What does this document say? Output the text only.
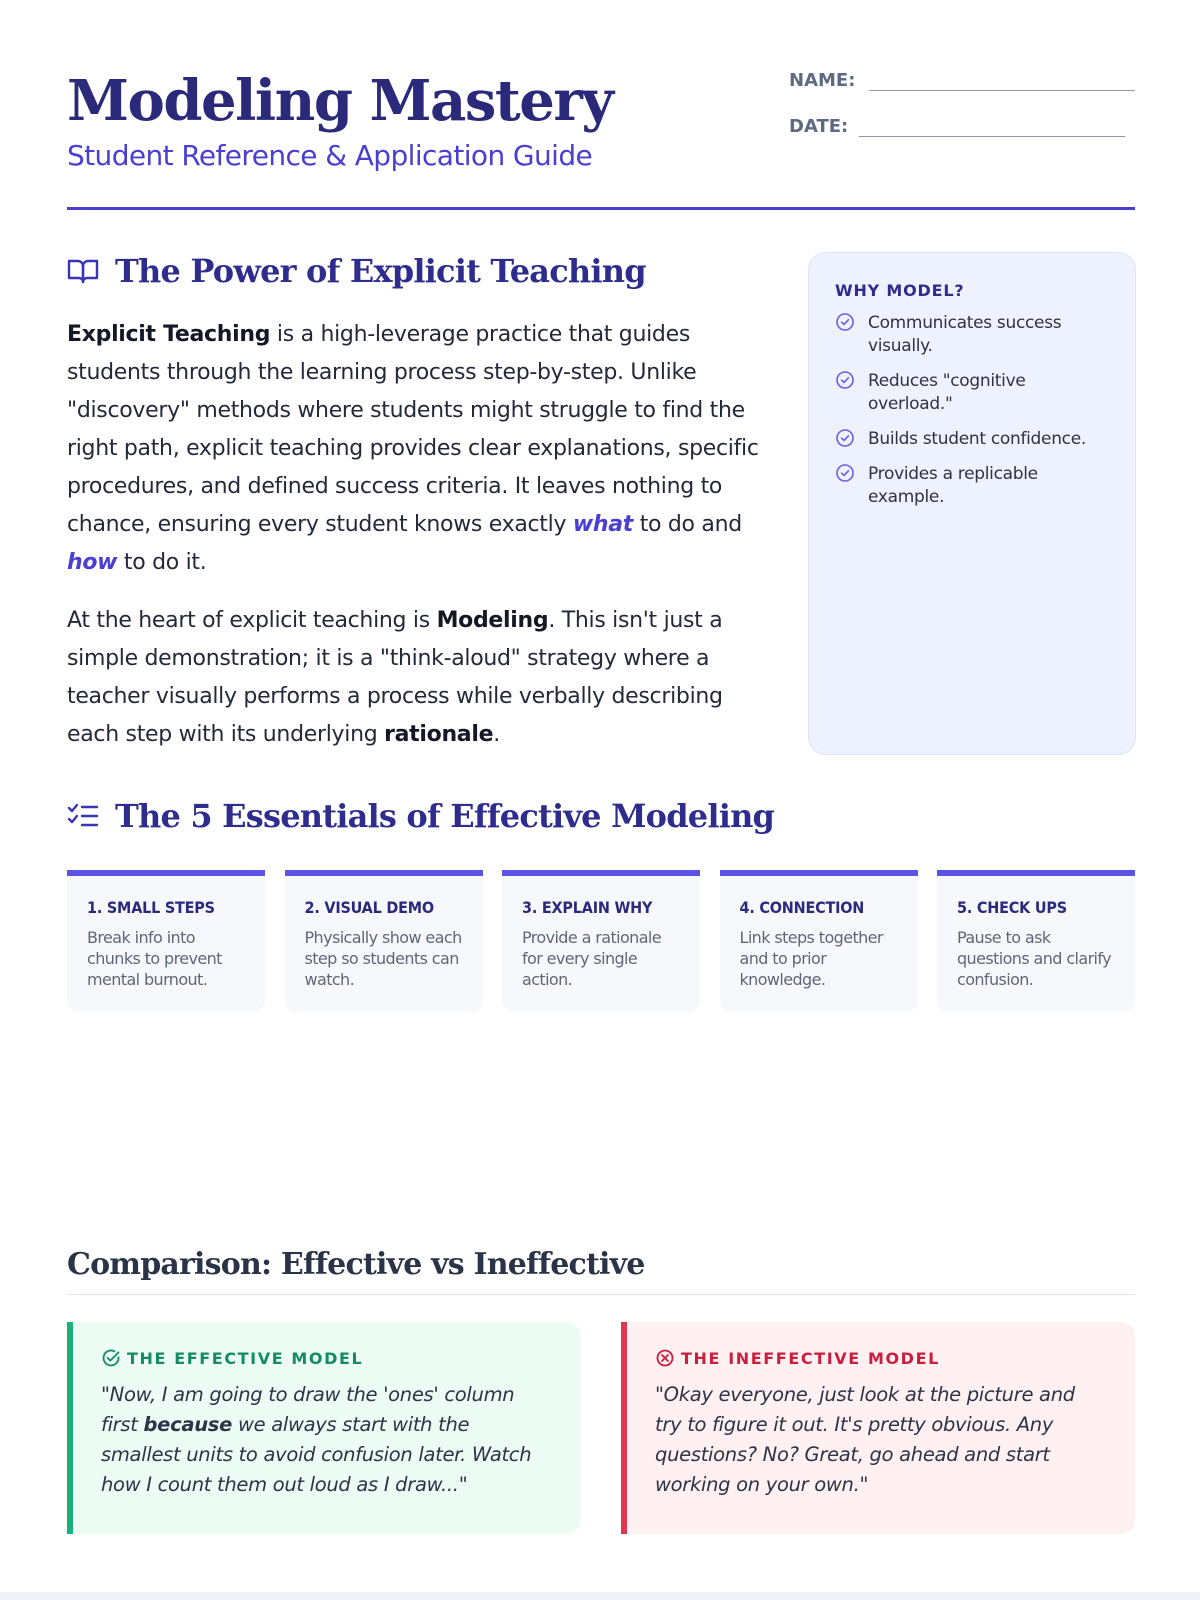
Modeling Mastery
Student Reference & Application Guide
NAME:
DATE:
The Power of Explicit Teaching

Explicit Teaching is a high-leverage practice that guides students through the learning process step-by-step. Unlike "discovery" methods where students might struggle to find the right path, explicit teaching provides clear explanations, specific procedures, and defined success criteria. It leaves nothing to chance, ensuring every student knows exactly what to do and how to do it.

At the heart of explicit teaching is Modeling. This isn't just a simple demonstration; it is a "think-aloud" strategy where a teacher visually performs a process while verbally describing each step with its underlying rationale.

WHY MODEL?
Communicates success visually.
Reduces "cognitive overload."
Builds student confidence.
Provides a replicable example.
The 5 Essentials of Effective Modeling
1. SMALL STEPS
Break info into chunks to prevent mental burnout.
2. VISUAL DEMO
Physically show each step so students can watch.
3. EXPLAIN WHY
Provide a rationale for every single action.
4. CONNECTION
Link steps together and to prior knowledge.
5. CHECK UPS
Pause to ask questions and clarify confusion.
Comparison: Effective vs Ineffective
THE EFFECTIVE MODEL

"Now, I am going to draw the 'ones' column first because we always start with the smallest units to avoid confusion later. Watch how I count them out loud as I draw..."

THE INEFFECTIVE MODEL

"Okay everyone, just look at the picture and try to figure it out. It's pretty obvious. Any questions? No? Great, go ahead and start working on your own."
